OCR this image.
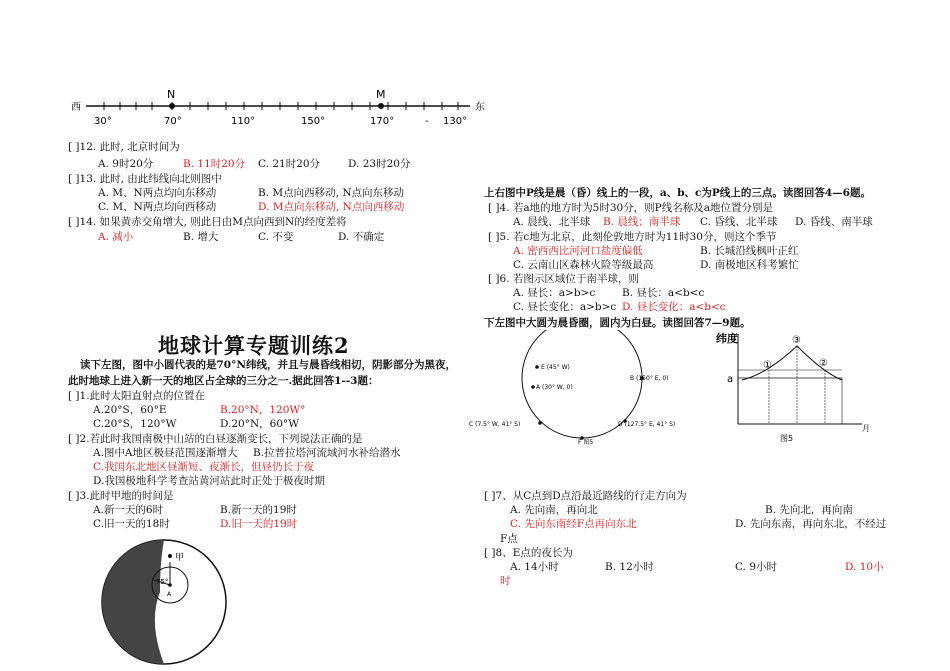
西	东
N	M
30°	70°	110°	150°	170°	- 130°
[ ]12. 此时, 北京时间为
A. 9时20分	B. 11时20分 C. 21时20分	D. 23时20分
[ ]13. 此时, 由此纬线向北则图中
A. M、N两点均向东移动	B. M点向西移动, N点向东移动
C. M、N两点均向西移动	D. M点向东移动, N点向西移动
[ ]14. 如果黄赤交角增大, 则此日由M点向西到N的经度差将
A. 减小	B. 增大	C. 不变	D. 不确定
地球计算专题训练2
读下左图，图中小圆代表的是70°N纬线，并且与晨昏线相切，阴影部分为黑夜，
此时地球上进入新一天的地区占全球的三分之一.据此回答1--3题：
[ ]1.此时太阳直射点的位置在
A.20°S，60°E	B.20°N，120W°
C.20°S，120°W	D.20°N，60°W
[ ]2.若此时我国南极中山站的白昼逐渐变长，下列说法正确的是
A.图中A地区极昼范围逐渐增大 B.拉普拉塔河流域河水补给潜水
C.我国东北地区昼渐短、夜渐长，但昼仍长于夜
D.我国极地科学考查站黄河站此时正处于极夜时期
[ ]3.此时甲地的时间是
A.新一天的6时	B.新一天的19时
C.旧一天的18时	D.旧一天的19时
甲
75°
A
上右图中P线是晨（昏）线上的一段，a、b、c为P线上的三点。读图回答4—6题。
[ ]4. 若a地的地方时为5时30分，则P线名称及a地位置分别是
A. 晨线、北半球 B. 晨线；南半球 C. 昏线、北半球 D. 昏线、南半球
[ ]5. 若c地为北京，此刻伦敦地方时为11时30分，则这个季节
A. 密西西比河河口盐度偏低	B. 长城沿线枫叶正红
C. 云南山区森林火险等级最高	D. 南极地区科考繁忙
[ ]6. 若图示区域位于南半球，则
A. 昼长：a>b>c	B. 昼长：a<b<c
C. 昼长变化：a>b>c D. 昼长变化：a<b<c
下左图中大圆为晨昏圈，圆内为白昼。读图回答7—9题。
E (45° W)
A (30° W, 0)
B (150° E, 0)
C (7.5° W, 41° S)	D (127.5° E, 41° S)
F 图5
纬度
a
①
③
②
月
图5
[ ]7、从C点到D点沿最近路线的行走方向为
A. 先向南，再向北	B. 先向北，再向南
C. 先向东南经F点再向东北	D. 先向东南，再向东北，不经过
F点
[ ]8、E点的夜长为
A. 14小时	B. 12小时	C. 9小时	D. 10小
时
